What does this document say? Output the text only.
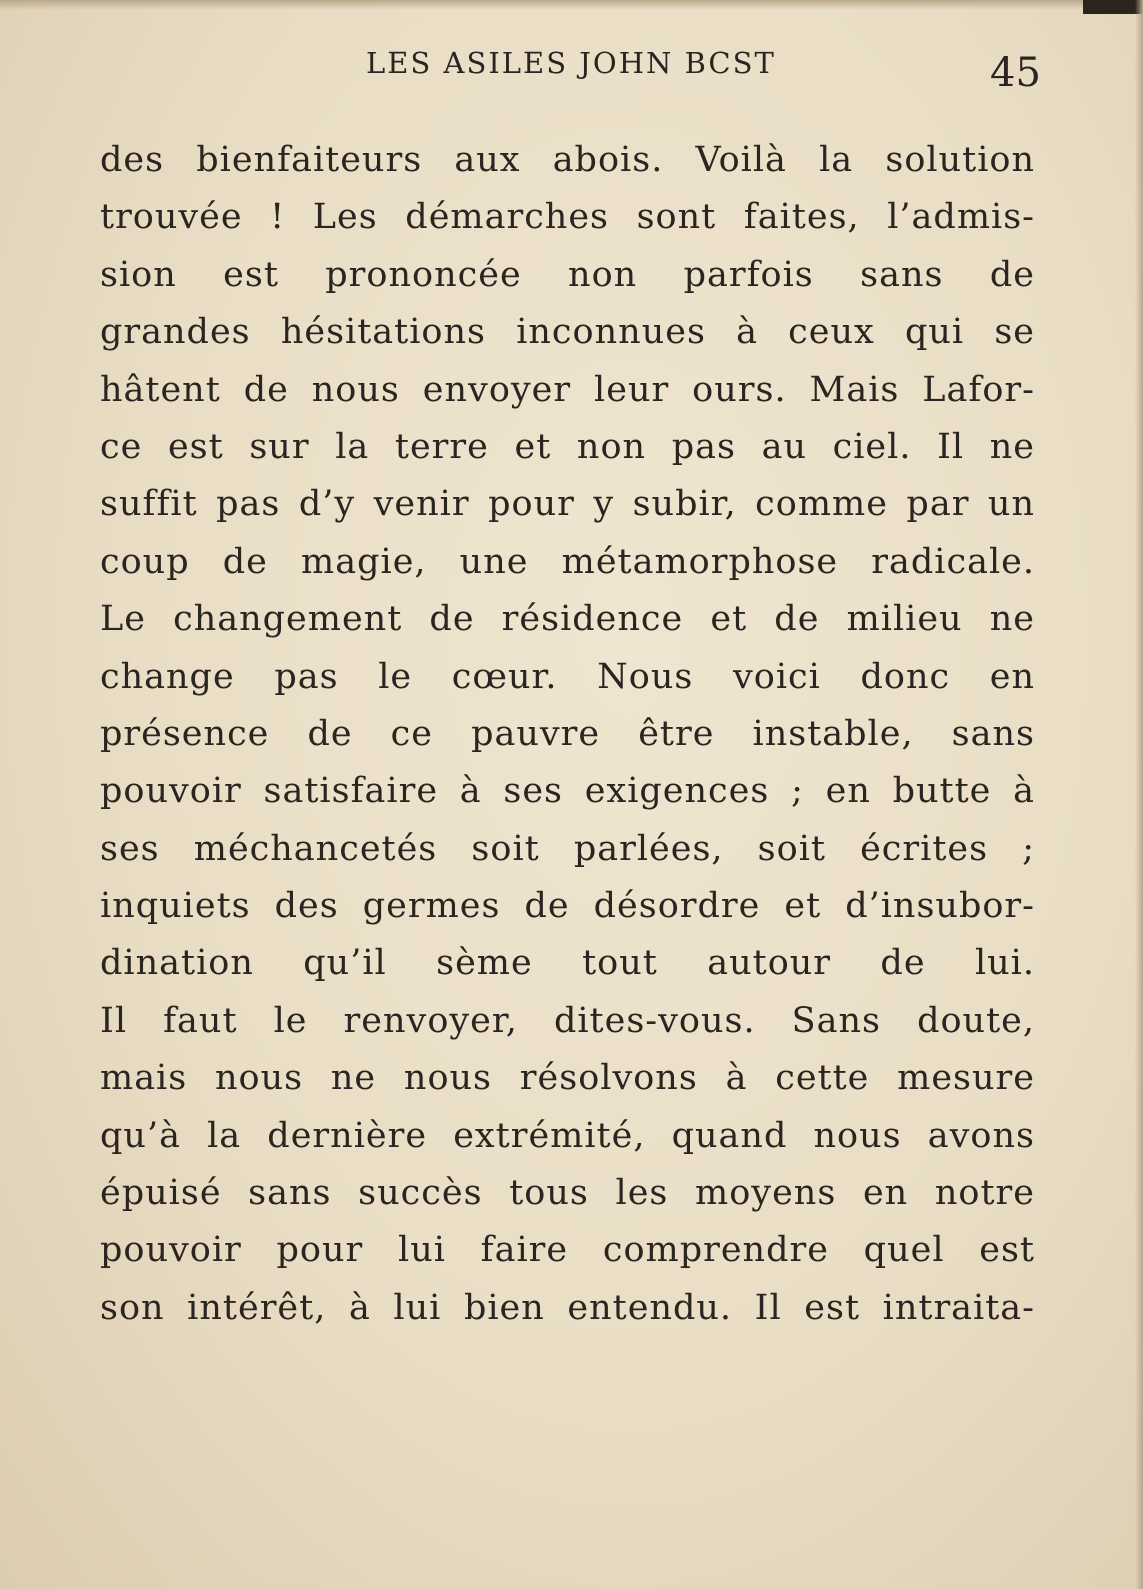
LES ASILES JOHN BCST	45
des bienfaiteurs aux abois. Voilà la solution
trouvée ! Les démarches sont faites, l’admis-
sion est prononcée non parfois sans de
grandes hésitations inconnues à ceux qui se
hâtent de nous envoyer leur ours. Mais Lafor-
ce est sur la terre et non pas au ciel. Il ne
suffit pas d’y venir pour y subir, comme par un
coup de magie, une métamorphose radicale.
Le changement de résidence et de milieu ne
change pas le cœur. Nous voici donc en
présence de ce pauvre être instable, sans
pouvoir satisfaire à ses exigences ; en butte à
ses méchancetés soit parlées, soit écrites ;
inquiets des germes de désordre et d’insubor-
dination qu’il sème tout autour de lui.
Il faut le renvoyer, dites-vous. Sans doute,
mais nous ne nous résolvons à cette mesure
qu’à la dernière extrémité, quand nous avons
épuisé sans succès tous les moyens en notre
pouvoir pour lui faire comprendre quel est
son intérêt, à lui bien entendu. Il est intraita-
